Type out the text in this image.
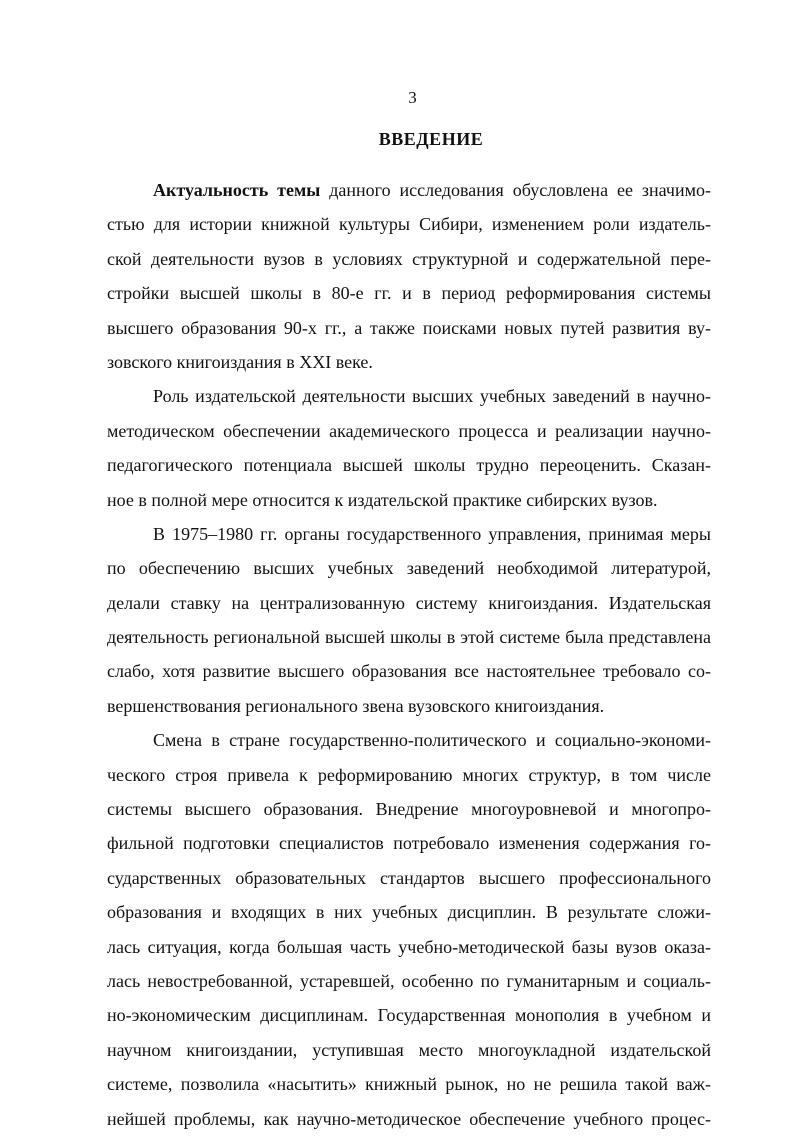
3
ВВЕДЕНИЕ
Актуальность темы данного исследования обусловлена ее значимо-
стью для истории книжной культуры Сибири, изменением роли издатель-
ской деятельности вузов в условиях структурной и содержательной пере-
стройки высшей школы в 80-е гг. и в период реформирования системы
высшего образования 90-х гг., а также поисками новых путей развития ву-
зовского книгоиздания в XXI веке.
Роль издательской деятельности высших учебных заведений в научно-
методическом обеспечении академического процесса и реализации научно-
педагогического потенциала высшей школы трудно переоценить. Сказан-
ное в полной мере относится к издательской практике сибирских вузов.
В 1975–1980 гг. органы государственного управления, принимая меры
по обеспечению высших учебных заведений необходимой литературой,
делали ставку на централизованную систему книгоиздания. Издательская
деятельность региональной высшей школы в этой системе была представлена
слабо, хотя развитие высшего образования все настоятельнее требовало со-
вершенствования регионального звена вузовского книгоиздания.
Смена в стране государственно-политического и социально-экономи-
ческого строя привела к реформированию многих структур, в том числе
системы высшего образования. Внедрение многоуровневой и многопро-
фильной подготовки специалистов потребовало изменения содержания го-
сударственных образовательных стандартов высшего профессионального
образования и входящих в них учебных дисциплин. В результате сложи-
лась ситуация, когда большая часть учебно-методической базы вузов оказа-
лась невостребованной, устаревшей, особенно по гуманитарным и социаль-
но-экономическим дисциплинам. Государственная монополия в учебном и
научном книгоиздании, уступившая место многоукладной издательской
системе, позволила «насытить» книжный рынок, но не решила такой важ-
нейшей проблемы, как научно-методическое обеспечение учебного процес-
